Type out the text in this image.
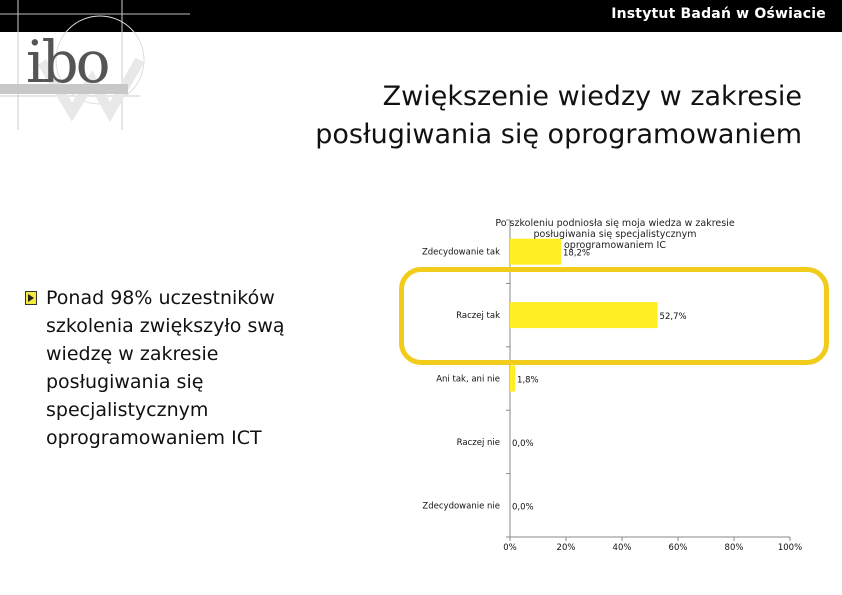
Instytut Badań w Oświacie
ibo
Zwiększenie wiedzy w zakresie
posługiwania się oprogramowaniem
Ponad 98% uczestników szkolenia zwiększyło swą wiedzę w zakresie posługiwania się specjalistycznym oprogramowaniem ICT
Zdecydowanie tak
Raczej tak
Ani tak, ani nie
Raczej nie
Zdecydowanie nie
18,2%
52,7%
1,8%
0,0%
0,0%
0%	20%	40%	60%	80%	100%
Po szkoleniu podniosła się moja wiedza w zakresie
posługiwania się specjalistycznym
oprogramowaniem IC
